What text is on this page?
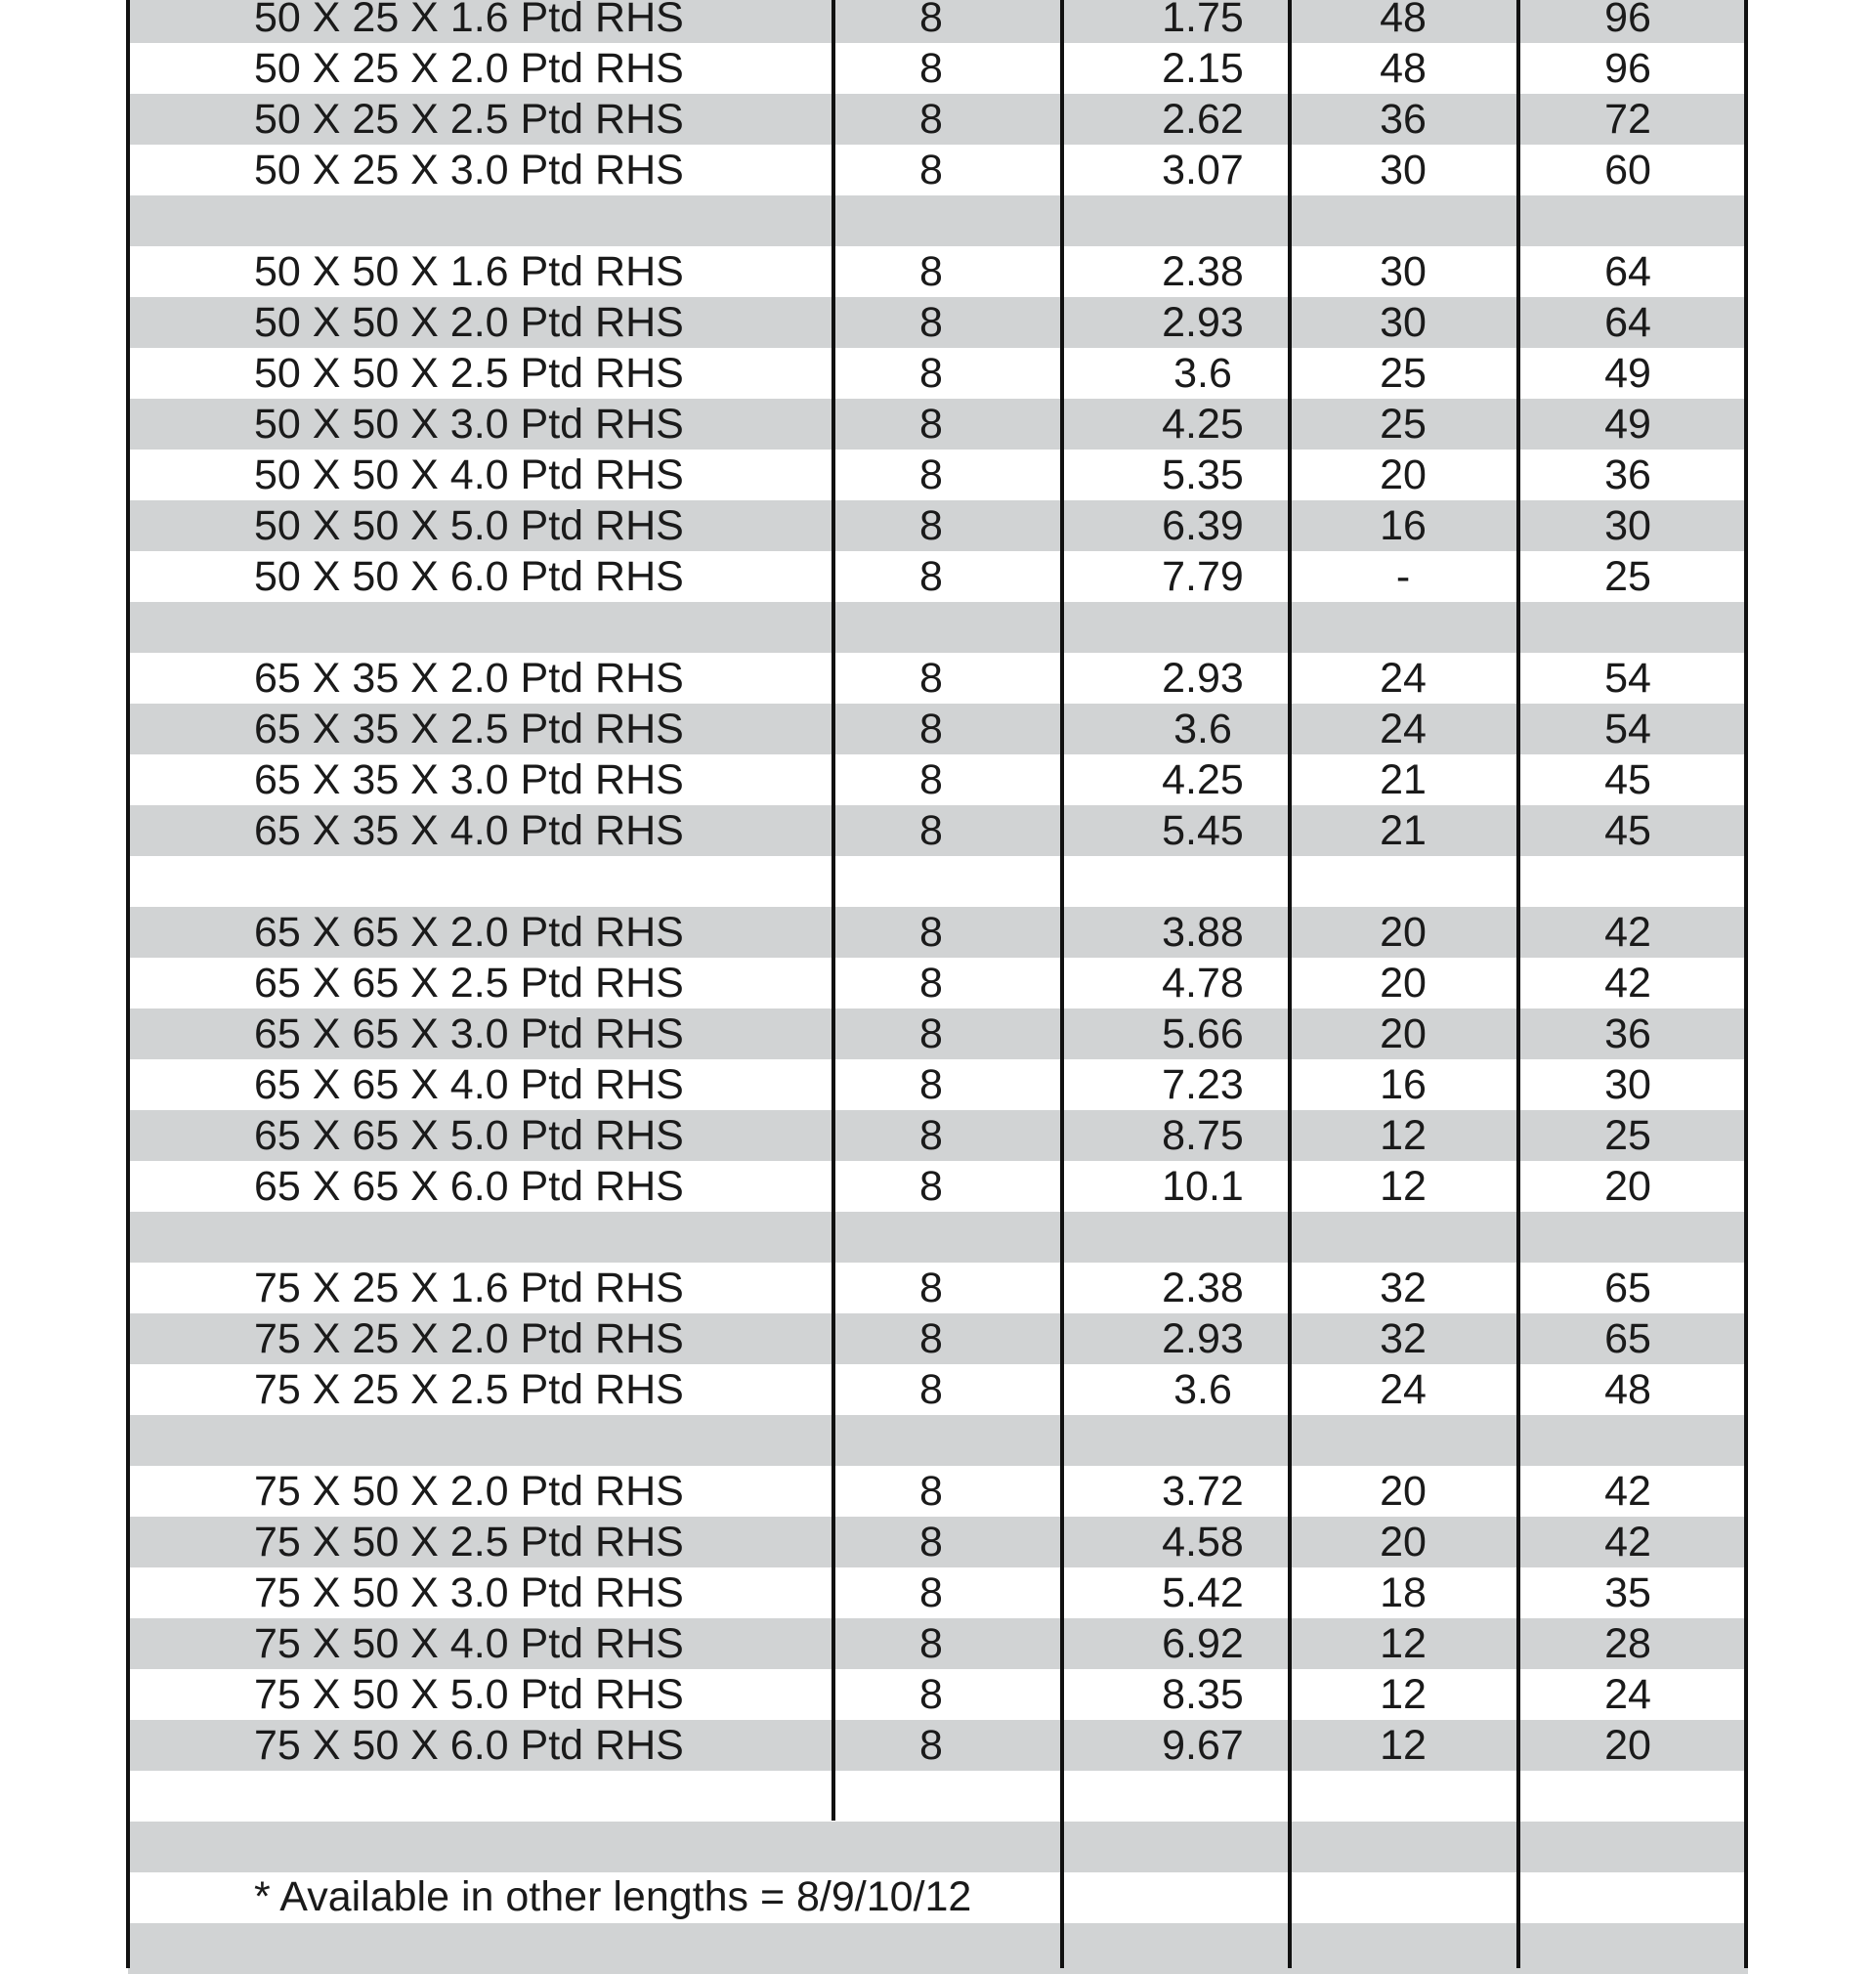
50 X 25 X 1.6 Ptd RHS	8	1.75	48	96
50 X 25 X 2.0 Ptd RHS	8	2.15	48	96
50 X 25 X 2.5 Ptd RHS	8	2.62	36	72
50 X 25 X 3.0 Ptd RHS	8	3.07	30	60
50 X 50 X 1.6 Ptd RHS	8	2.38	30	64
50 X 50 X 2.0 Ptd RHS	8	2.93	30	64
50 X 50 X 2.5 Ptd RHS	8	3.6	25	49
50 X 50 X 3.0 Ptd RHS	8	4.25	25	49
50 X 50 X 4.0 Ptd RHS	8	5.35	20	36
50 X 50 X 5.0 Ptd RHS	8	6.39	16	30
50 X 50 X 6.0 Ptd RHS	8	7.79	-	25
65 X 35 X 2.0 Ptd RHS	8	2.93	24	54
65 X 35 X 2.5 Ptd RHS	8	3.6	24	54
65 X 35 X 3.0 Ptd RHS	8	4.25	21	45
65 X 35 X 4.0 Ptd RHS	8	5.45	21	45
65 X 65 X 2.0 Ptd RHS	8	3.88	20	42
65 X 65 X 2.5 Ptd RHS	8	4.78	20	42
65 X 65 X 3.0 Ptd RHS	8	5.66	20	36
65 X 65 X 4.0 Ptd RHS	8	7.23	16	30
65 X 65 X 5.0 Ptd RHS	8	8.75	12	25
65 X 65 X 6.0 Ptd RHS	8	10.1	12	20
75 X 25 X 1.6 Ptd RHS	8	2.38	32	65
75 X 25 X 2.0 Ptd RHS	8	2.93	32	65
75 X 25 X 2.5 Ptd RHS	8	3.6	24	48
75 X 50 X 2.0 Ptd RHS	8	3.72	20	42
75 X 50 X 2.5 Ptd RHS	8	4.58	20	42
75 X 50 X 3.0 Ptd RHS	8	5.42	18	35
75 X 50 X 4.0 Ptd RHS	8	6.92	12	28
75 X 50 X 5.0 Ptd RHS	8	8.35	12	24
75 X 50 X 6.0 Ptd RHS	8	9.67	12	20
* Available in other lengths = 8/9/10/12
